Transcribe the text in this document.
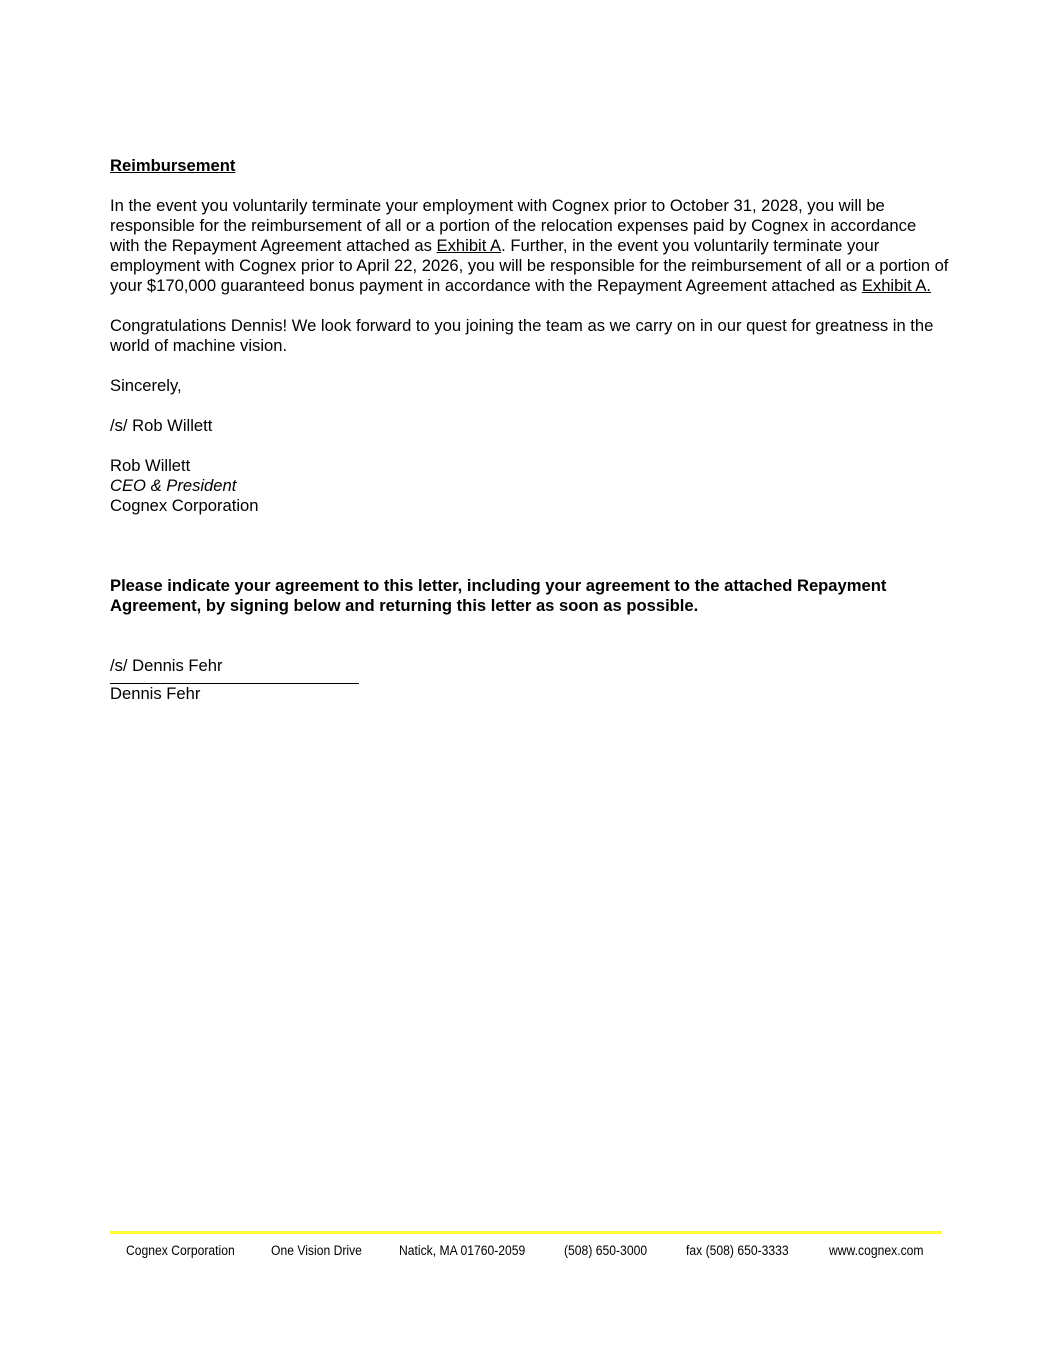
Reimbursement

In the event you voluntarily terminate your employment with Cognex prior to October 31, 2028, you will be responsible for the reimbursement of all or a portion of the relocation expenses paid by Cognex in accordance with the Repayment Agreement attached as Exhibit A. Further, in the event you voluntarily terminate your employment with Cognex prior to April 22, 2026, you will be responsible for the reimbursement of all or a portion of your $170,000 guaranteed bonus payment in accordance with the Repayment Agreement attached as Exhibit A.

Congratulations Dennis! We look forward to you joining the team as we carry on in our quest for greatness in the world of machine vision.

Sincerely,

/s/ Rob Willett

Rob Willett

CEO & President

Cognex Corporation

Please indicate your agreement to this letter, including your agreement to the attached Repayment Agreement, by signing below and returning this letter as soon as possible.

/s/ Dennis Fehr

Dennis Fehr

Cognex Corporation	One Vision Drive	Natick, MA 01760-2059	(508) 650-3000	fax (508) 650-3333	www.cognex.com
